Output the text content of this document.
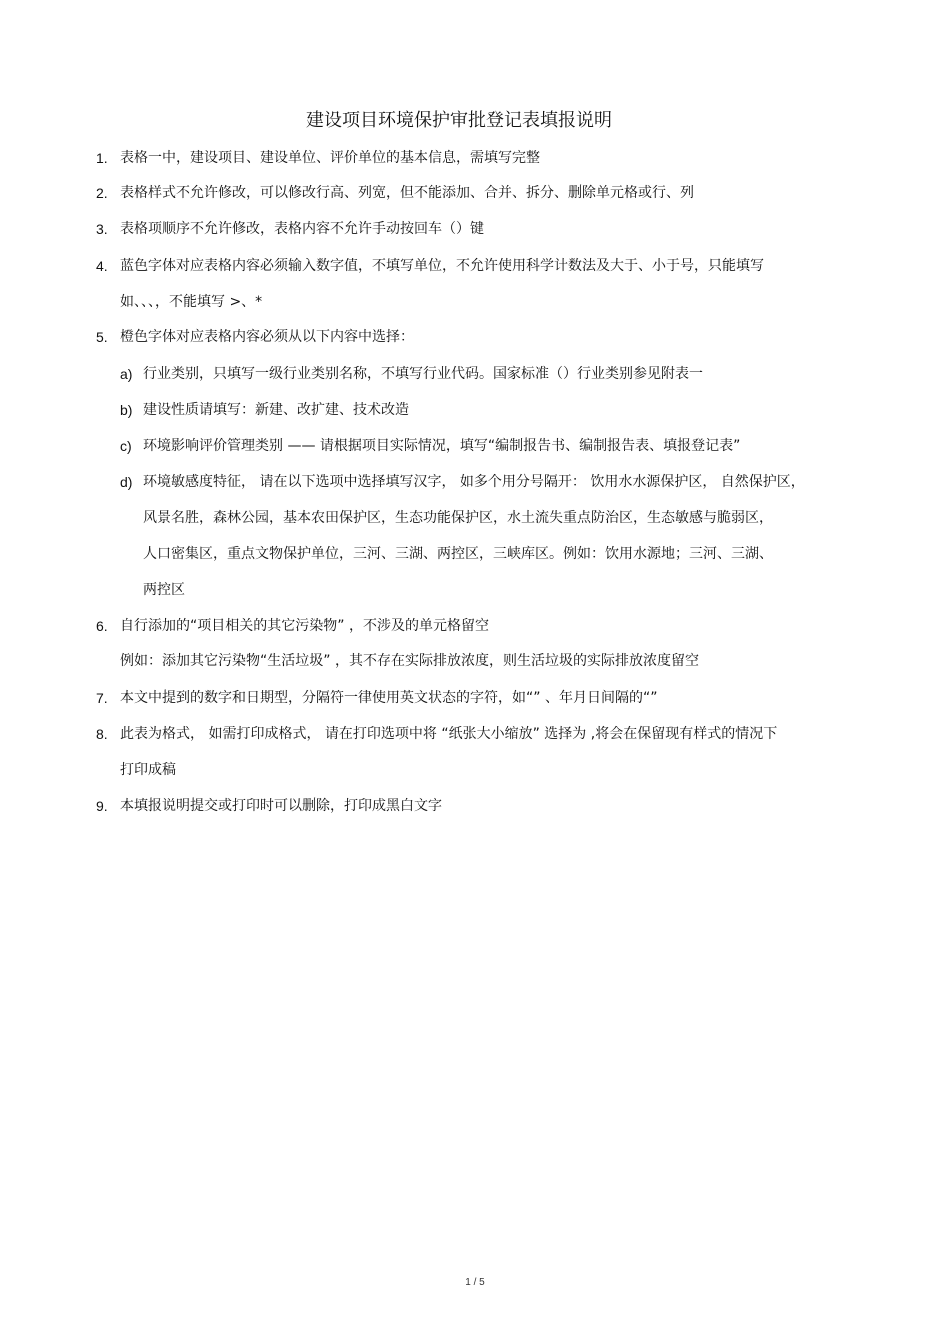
建设项目环境保护审批登记表填报说明
1. 表格一中，建设项目、建设单位、评价单位的基本信息，需填写完整
2. 表格样式不允许修改，可以修改行高、列宽，但不能添加、合并、拆分、删除单元格或行、列
3. 表格项顺序不允许修改，表格内容不允许手动按回车（）键
4. 蓝色字体对应表格内容必须输入数字值，不填写单位，不允许使用科学计数法及大于、小于号，只能填写
如、、、，不能填写 >、*
5. 橙色字体对应表格内容必须从以下内容中选择：
a) 行业类别，只填写一级行业类别名称，不填写行业代码。国家标准（）行业类别参见附表一
b) 建设性质请填写：新建、改扩建、技术改造
c) 环境影响评价管理类别 —— 请根据项目实际情况，填写“编制报告书、编制报告表、填报登记表”
d) 环境敏感度特征， 请在以下选项中选择填写汉字， 如多个用分号隔开： 饮用水水源保护区， 自然保护区，
风景名胜，森林公园，基本农田保护区，生态功能保护区，水土流失重点防治区，生态敏感与脆弱区，
人口密集区，重点文物保护单位，三河、三湖、两控区，三峡库区。例如：饮用水源地；三河、三湖、
两控区
6. 自行添加的“项目相关的其它污染物” ，不涉及的单元格留空
例如：添加其它污染物“生活垃圾” ，其不存在实际排放浓度，则生活垃圾的实际排放浓度留空
7. 本文中提到的数字和日期型，分隔符一律使用英文状态的字符，如“” 、年月日间隔的“”
8. 此表为格式， 如需打印成格式， 请在打印选项中将 “纸张大小缩放” 选择为 ,将会在保留现有样式的情况下
打印成稿
9. 本填报说明提交或打印时可以删除，打印成黑白文字
1 / 5
